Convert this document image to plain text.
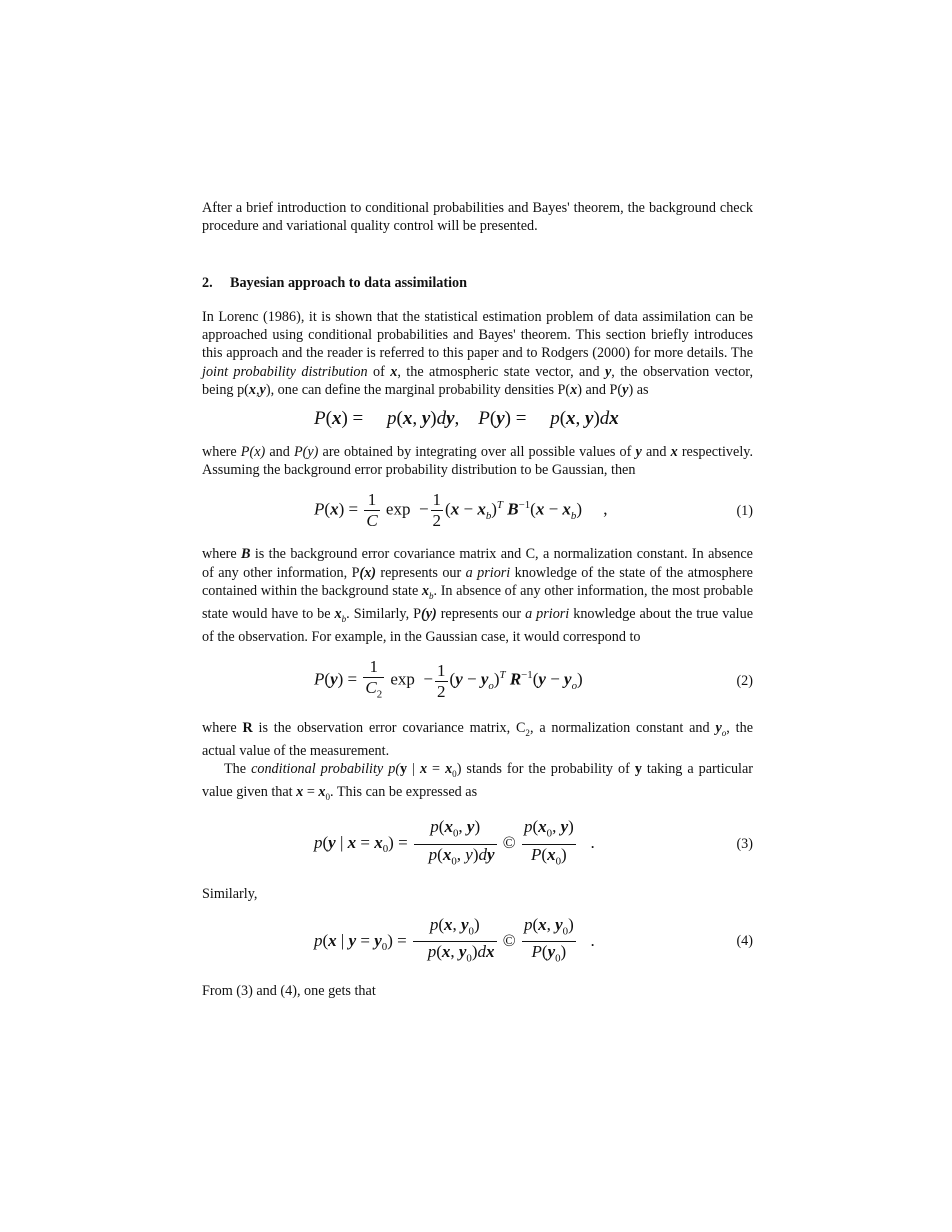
After a brief introduction to conditional probabilities and Bayes' theorem, the background check procedure and variational quality control will be presented.

2. Bayesian approach to data assimilation

In Lorenc (1986), it is shown that the statistical estimation problem of data assimilation can be approached using conditional probabilities and Bayes' theorem. This section briefly introduces this approach and the reader is referred to this paper and to Rodgers (2000) for more details. The joint probability distribution of x, the atmospheric state vector, and y, the observation vector, being p(x,y), one can define the marginal probability densities P(x) and P(y) as

P(x) =     p(x, y)dy,    P(y) =     p(x, y)dx

where P(x) and P(y) are obtained by integrating over all possible values of y and x respectively. Assuming the background error probability distribution to be Gaussian, then

$P(x) = \frac{1}{C}$ $\exp - \frac{1}{2} (x - x_b)^T$ $B^{-1}(x - x_b)$     ,	(1)

where B is the background error covariance matrix and C, a normalization constant. In absence of any other information, P(x) represents our a priori knowledge of the state of the atmosphere contained within the background state $x_b$. In absence of any other information, the most probable state would have to be $x_b$. Similarly, P(y) represents our a priori knowledge about the true value of the observation. For example, in the Gaussian case, it would correspond to

$P(y) = \frac{1}{C_2}$ $\exp - \frac{1}{2} (y - y_o)^T$ $R^{-1}(y - y_o)$	(2)

where R is the observation error covariance matrix, $C_2$, a normalization constant and $y_o$, the actual value of the measurement.

The conditional probability p(y | $x = x_0$) stands for the probability of y taking a particular value given that $x = x_0$. This can be expressed as

p(y | $x = x_0) = \frac{p(x_0, y)}{p(x_0, y)dy}$ © $\frac{p(x_0, y)}{P(x_0)}$ .	(3)

Similarly,

p(x | $y = y_0) = \frac{p(x, y_0)}{p(x, y_0)dx}$ © $\frac{p(x, y_0)}{P(y_0)}$ .	(4)

From (3) and (4), one gets that
